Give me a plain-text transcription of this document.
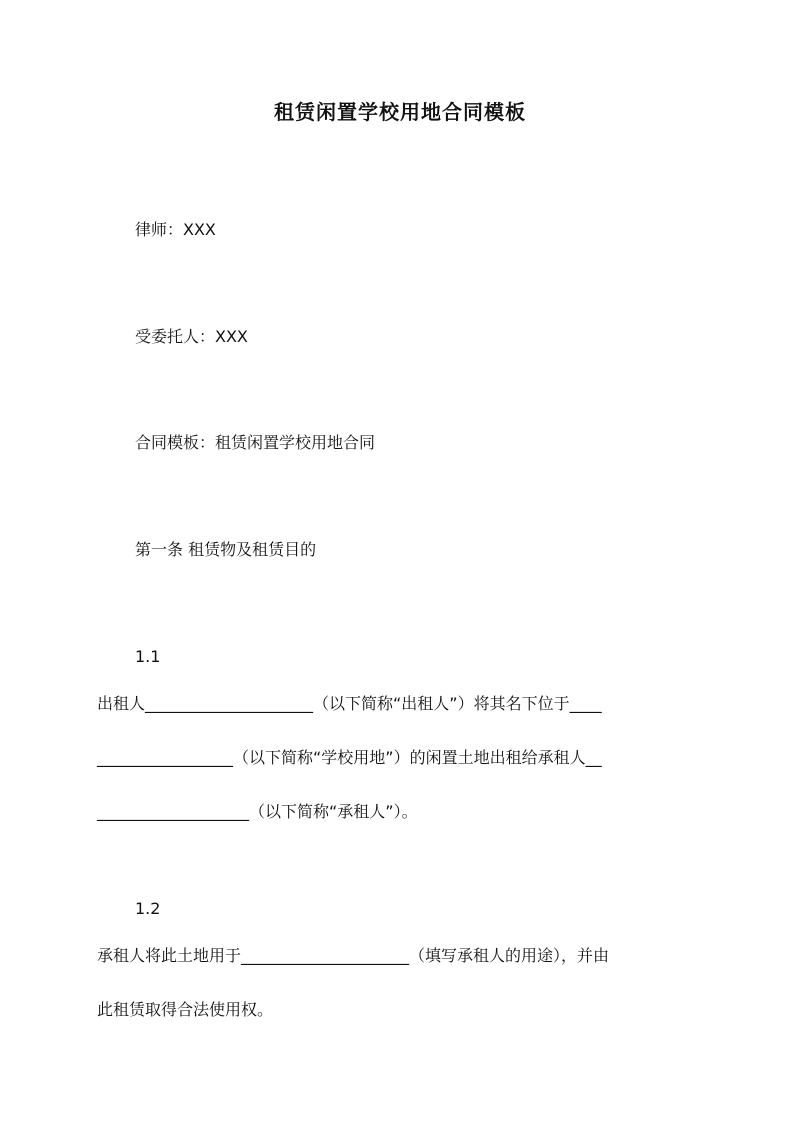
租赁闲置学校用地合同模板
律师：XXX
受委托人：XXX
合同模板：租赁闲置学校用地合同
第一条 租赁物及租赁目的
1.1
出租人_____________________（以下简称“出租人”）将其名下位于____
_________________（以下简称“学校用地”）的闲置土地出租给承租人__
___________________（以下简称“承租人”）。
1.2
承租人将此土地用于_____________________（填写承租人的用途），并由
此租赁取得合法使用权。
